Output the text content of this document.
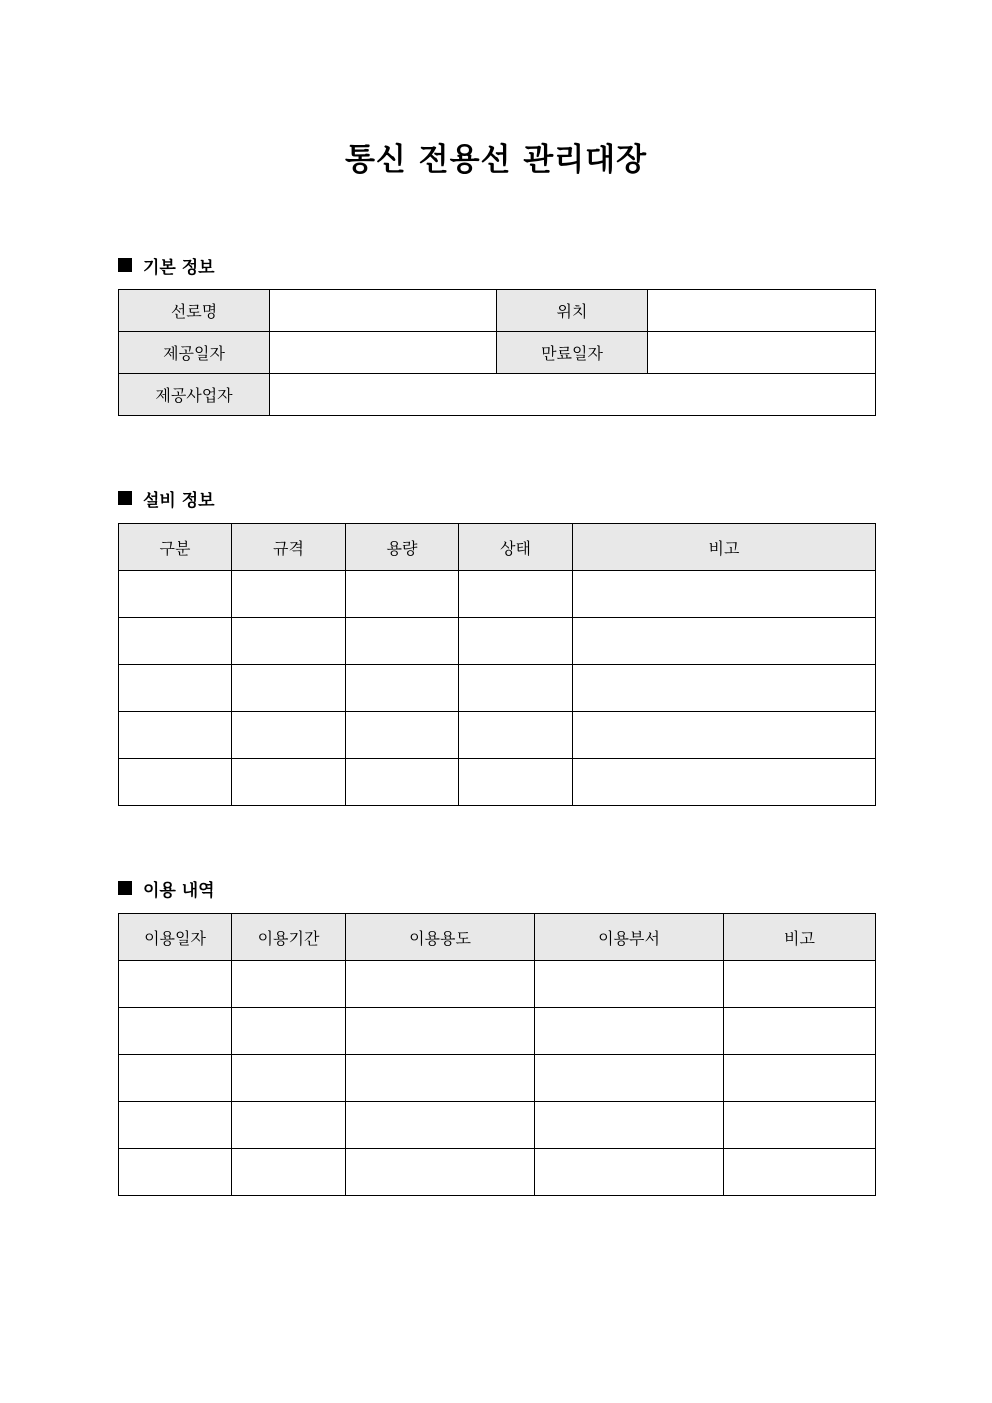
통신 전용선 관리대장
기본 정보
선로명		위치	
제공일자		만료일자	
제공사업자			
설비 정보
구분	규격	용량	상태	비고

이용 내역
이용일자	이용기간	이용용도	이용부서	비고
